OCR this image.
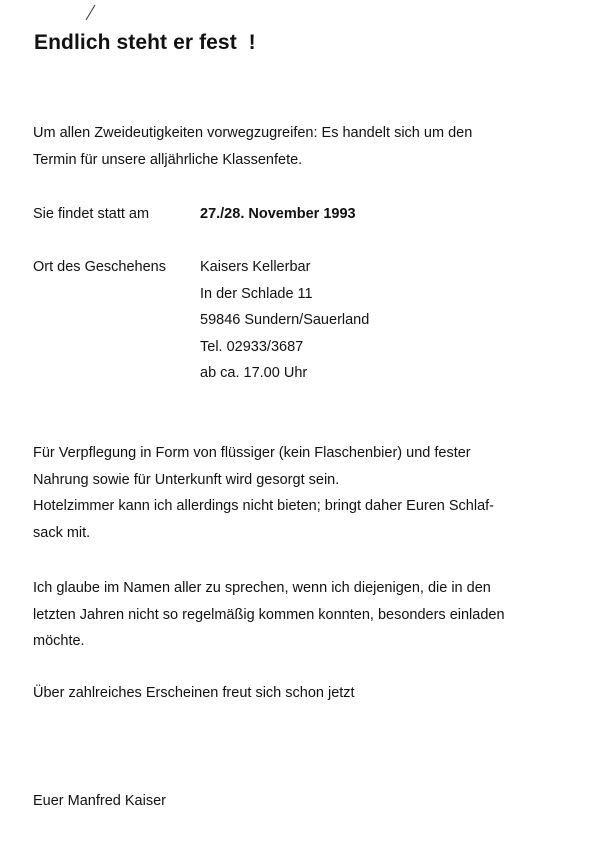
Endlich steht er fest  !
Um allen Zweideutigkeiten vorwegzugreifen: Es handelt sich um den
Termin für unsere alljährliche Klassenfete.
Sie findet statt am	27./28. November 1993
Ort des Geschehens Kaisers Kellerbar
In der Schlade 11
59846 Sundern/Sauerland
Tel. 02933/3687
ab ca. 17.00 Uhr
Für Verpflegung in Form von flüssiger (kein Flaschenbier) und fester
Nahrung sowie für Unterkunft wird gesorgt sein.
Hotelzimmer kann ich allerdings nicht bieten; bringt daher Euren Schlaf-
sack mit.
Ich glaube im Namen aller zu sprechen, wenn ich diejenigen, die in den
letzten Jahren nicht so regelmäßig kommen konnten, besonders einladen
möchte.
Über zahlreiches Erscheinen freut sich schon jetzt
Euer Manfred Kaiser
